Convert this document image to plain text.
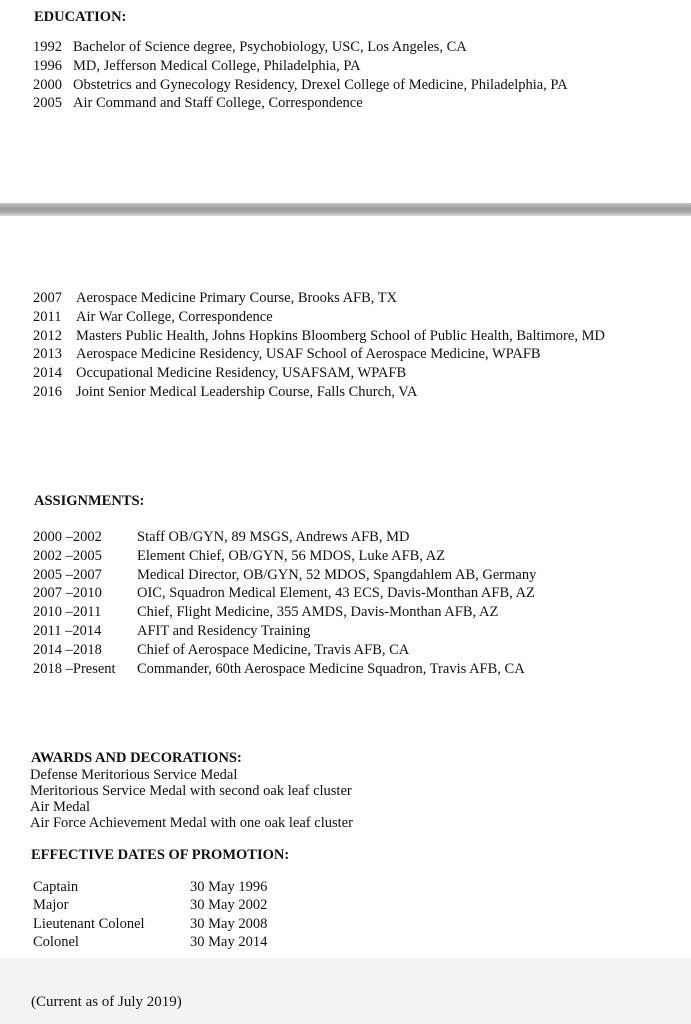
EDUCATION:
1992 Bachelor of Science degree, Psychobiology, USC, Los Angeles, CA
1996 MD, Jefferson Medical College, Philadelphia, PA
2000 Obstetrics and Gynecology Residency, Drexel College of Medicine, Philadelphia, PA
2005 Air Command and Staff College, Correspondence
2007 Aerospace Medicine Primary Course, Brooks AFB, TX
2011 Air War College, Correspondence
2012 Masters Public Health, Johns Hopkins Bloomberg School of Public Health, Baltimore, MD
2013 Aerospace Medicine Residency, USAF School of Aerospace Medicine, WPAFB
2014 Occupational Medicine Residency, USAFSAM, WPAFB
2016 Joint Senior Medical Leadership Course, Falls Church, VA
ASSIGNMENTS:
2000 –2002 Staff OB/GYN, 89 MSGS, Andrews AFB, MD
2002 –2005 Element Chief, OB/GYN, 56 MDOS, Luke AFB, AZ
2005 –2007 Medical Director, OB/GYN, 52 MDOS, Spangdahlem AB, Germany
2007 –2010 OIC, Squadron Medical Element, 43 ECS, Davis-Monthan AFB, AZ
2010 –2011 Chief, Flight Medicine, 355 AMDS, Davis-Monthan AFB, AZ
2011 –2014 AFIT and Residency Training
2014 –2018 Chief of Aerospace Medicine, Travis AFB, CA
2018 –Present Commander, 60th Aerospace Medicine Squadron, Travis AFB, CA
AWARDS AND DECORATIONS:
Defense Meritorious Service Medal
Meritorious Service Medal with second oak leaf cluster
Air Medal
Air Force Achievement Medal with one oak leaf cluster
EFFECTIVE DATES OF PROMOTION:
Captain	30 May 1996
Major	30 May 2002
Lieutenant Colonel	30 May 2008
Colonel	30 May 2014
(Current as of July 2019)
